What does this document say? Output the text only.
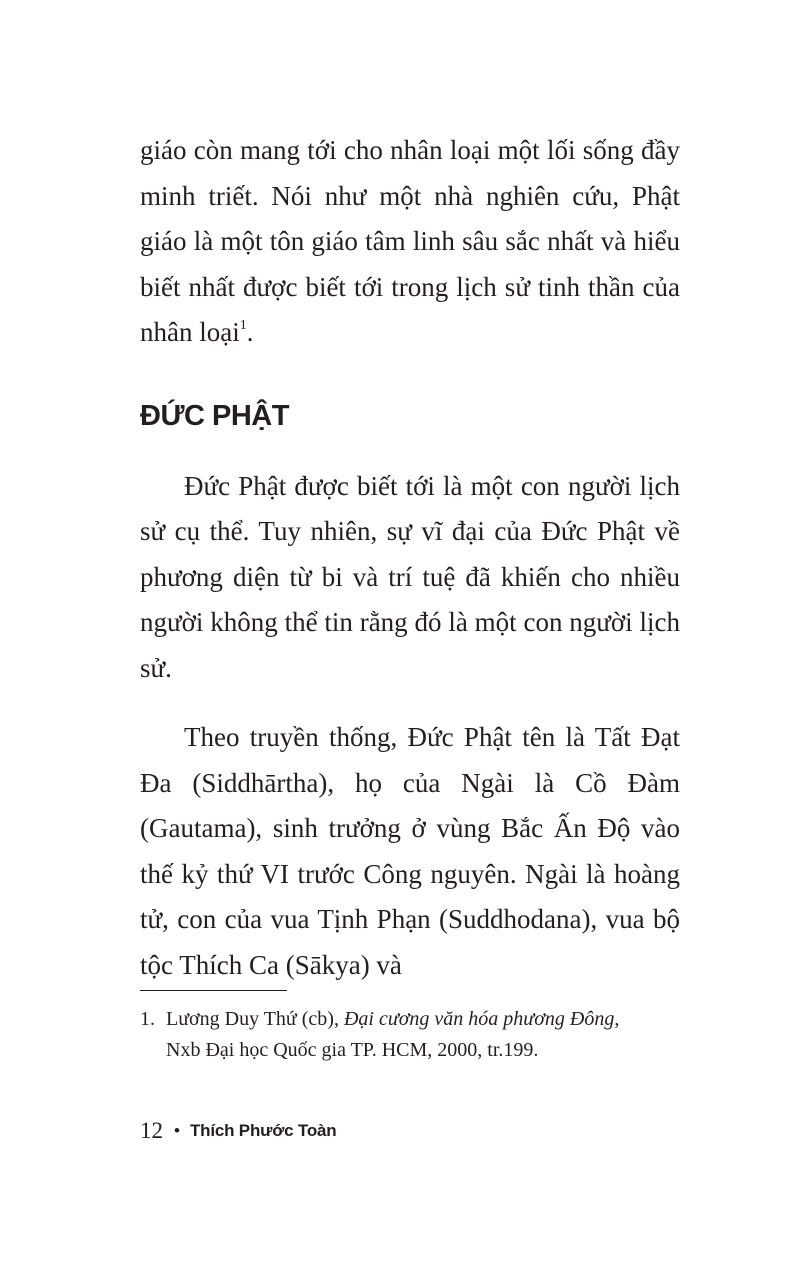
giáo còn mang tới cho nhân loại một lối sống đầy minh triết. Nói như một nhà nghiên cứu, Phật giáo là một tôn giáo tâm linh sâu sắc nhất và hiểu biết nhất được biết tới trong lịch sử tinh thần của nhân loại$^1$.

ĐỨC PHẬT

Đức Phật được biết tới là một con người lịch sử cụ thể. Tuy nhiên, sự vĩ đại của Đức Phật về phương diện từ bi và trí tuệ đã khiến cho nhiều người không thể tin rằng đó là một con người lịch sử.

Theo truyền thống, Đức Phật tên là Tất Đạt Đa (Siddhārtha), họ của Ngài là Cồ Đàm (Gautama), sinh trưởng ở vùng Bắc Ấn Độ vào thế kỷ thứ VI trước Công nguyên. Ngài là hoàng tử, con của vua Tịnh Phạn (Suddhodana), vua bộ tộc Thích Ca (Sākya) và

1. Lương Duy Thứ (cb), Đại cương văn hóa phương Đông,
Nxb Đại học Quốc gia TP. HCM, 2000, tr.199.
12 • Thích Phước Toàn
